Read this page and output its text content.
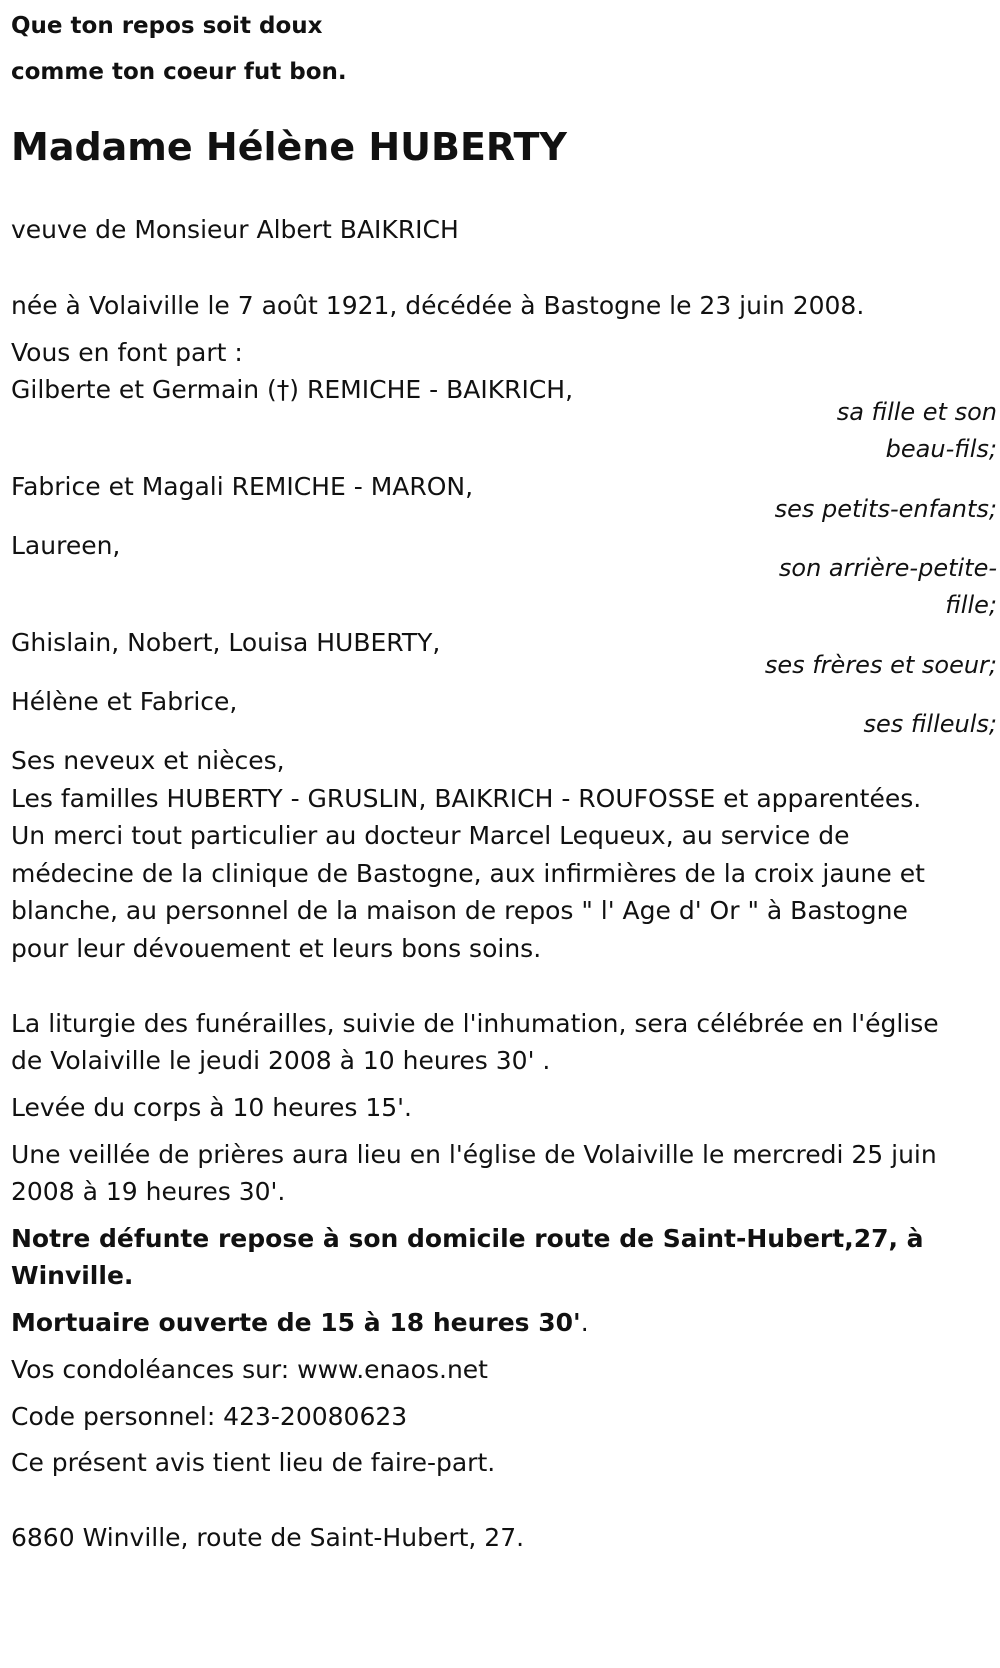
Que ton repos soit doux
comme ton coeur fut bon.
Madame Hélène HUBERTY
veuve de Monsieur Albert BAIKRICH
née à Volaiville le 7 août 1921, décédée à Bastogne le 23 juin 2008.
Vous en font part :
Gilberte et Germain (†) REMICHE - BAIKRICH,
sa fille et son
beau-fils;
Fabrice et Magali REMICHE - MARON,
ses petits-enfants;
Laureen,
son arrière-petite-
fille;
Ghislain, Nobert, Louisa HUBERTY,
ses frères et soeur;
Hélène et Fabrice,
ses filleuls;
Ses neveux et nièces,
Les familles HUBERTY - GRUSLIN, BAIKRICH - ROUFOSSE et apparentées.
Un merci tout particulier au docteur Marcel Lequeux, au service de
médecine de la clinique de Bastogne, aux infirmières de la croix jaune et
blanche, au personnel de la maison de repos " l' Age d' Or " à Bastogne
pour leur dévouement et leurs bons soins.
La liturgie des funérailles, suivie de l'inhumation, sera célébrée en l'église
de Volaiville le jeudi 2008 à 10 heures 30' .
Levée du corps à 10 heures 15'.
Une veillée de prières aura lieu en l'église de Volaiville le mercredi 25 juin
2008 à 19 heures 30'.
Notre défunte repose à son domicile route de Saint-Hubert,27, à
Winville.
Mortuaire ouverte de 15 à 18 heures 30'.
Vos condoléances sur: www.enaos.net
Code personnel: 423-20080623
Ce présent avis tient lieu de faire-part.
6860 Winville, route de Saint-Hubert, 27.
